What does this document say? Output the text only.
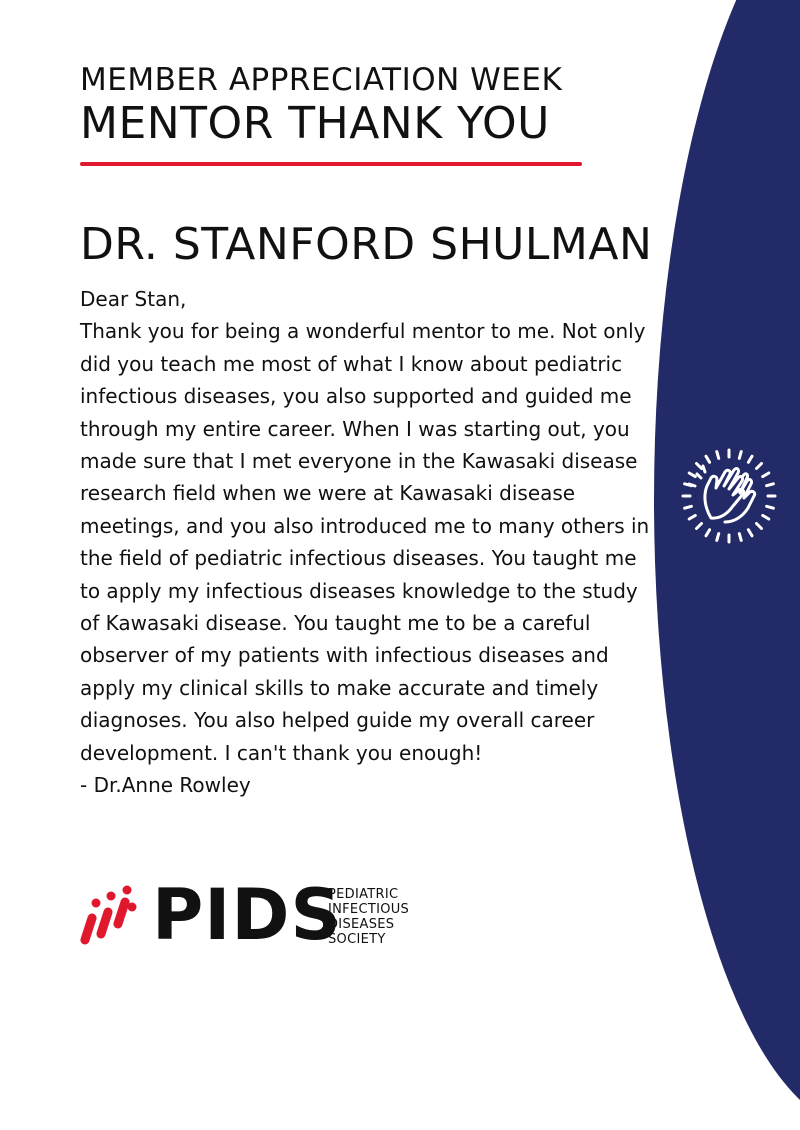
MEMBER APPRECIATION WEEK
MENTOR THANK YOU
DR. STANFORD SHULMAN
Dear Stan,
Thank you for being a wonderful mentor to me. Not only
did you teach me most of what I know about pediatric
infectious diseases, you also supported and guided me
through my entire career. When I was starting out, you
made sure that I met everyone in the Kawasaki disease
research field when we were at Kawasaki disease
meetings, and you also introduced me to many others in
the field of pediatric infectious diseases. You taught me
to apply my infectious diseases knowledge to the study
of Kawasaki disease. You taught me to be a careful
observer of my patients with infectious diseases and
apply my clinical skills to make accurate and timely
diagnoses. You also helped guide my overall career
development. I can't thank you enough!
- Dr.Anne Rowley
PIDS
PEDIATRIC
INFECTIOUS
DISEASES
SOCIETY
